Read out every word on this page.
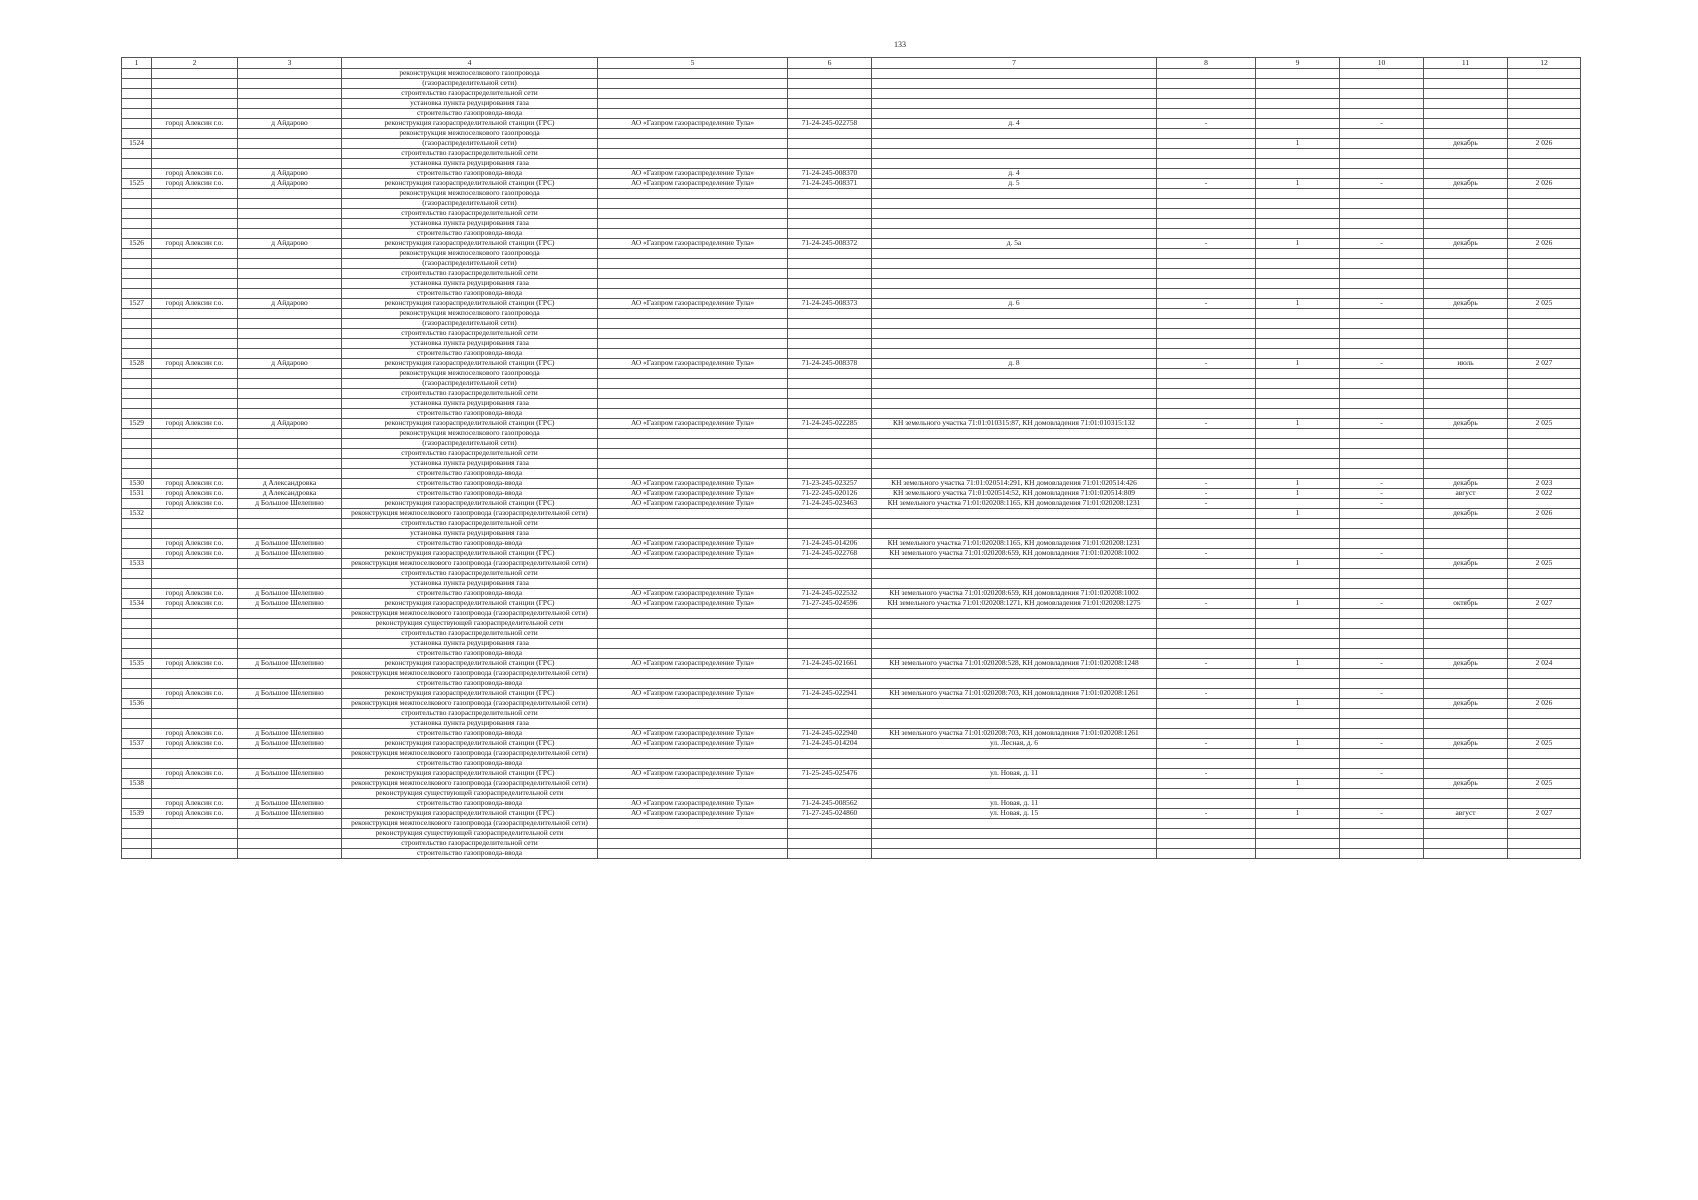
133
1	2	3	4	5	6	7	8	9	10	11	12
			реконструкция межпоселкового газопровода								
			(газораспределительной сети)								
			строительство газораспределительной сети								
			установка пункта редуцирования газа								
			строительство газопровода-ввода								
	город Алексин г.о.	д Айдарово	реконструкция газораспределительной станции (ГРС)	АО «Газпром газораспределение Тула»	71-24-245-022758	д. 4	-		-		
			реконструкция межпоселкового газопровода								
1524			(газораспределительной сети)					1		декабрь	2 026
			строительство газораспределительной сети								
			установка пункта редуцирования газа								
	город Алексин г.о.	д Айдарово	строительство газопровода-ввода	АО «Газпром газораспределение Тула»	71-24-245-008370	д. 4					
1525	город Алексин г.о.	д Айдарово	реконструкция газораспределительной станции (ГРС)	АО «Газпром газораспределение Тула»	71-24-245-008371	д. 5	-	1	-	декабрь	2 026
			реконструкция межпоселкового газопровода								
			(газораспределительной сети)								
			строительство газораспределительной сети								
			установка пункта редуцирования газа								
			строительство газопровода-ввода								
1526	город Алексин г.о.	д Айдарово	реконструкция газораспределительной станции (ГРС)	АО «Газпром газораспределение Тула»	71-24-245-008372	д. 5а	-	1	-	декабрь	2 026
			реконструкция межпоселкового газопровода								
			(газораспределительной сети)								
			строительство газораспределительной сети								
			установка пункта редуцирования газа								
			строительство газопровода-ввода								
1527	город Алексин г.о.	д Айдарово	реконструкция газораспределительной станции (ГРС)	АО «Газпром газораспределение Тула»	71-24-245-008373	д. 6	-	1	-	декабрь	2 025
			реконструкция межпоселкового газопровода								
			(газораспределительной сети)								
			строительство газораспределительной сети								
			установка пункта редуцирования газа								
			строительство газопровода-ввода								
1528	город Алексин г.о.	д Айдарово	реконструкция газораспределительной станции (ГРС)	АО «Газпром газораспределение Тула»	71-24-245-008378	д. 8	-	1	-	июль	2 027
			реконструкция межпоселкового газопровода								
			(газораспределительной сети)								
			строительство газораспределительной сети								
			установка пункта редуцирования газа								
			строительство газопровода-ввода								
1529	город Алексин г.о.	д Айдарово	реконструкция газораспределительной станции (ГРС)	АО «Газпром газораспределение Тула»	71-24-245-022285	КН земельного участка 71:01:010315:87, КН домовладения 71:01:010315:132	-	1	-	декабрь	2 025
			реконструкция межпоселкового газопровода								
			(газораспределительной сети)								
			строительство газораспределительной сети								
			установка пункта редуцирования газа								
			строительство газопровода-ввода								
1530	город Алексин г.о.	д Александровка	строительство газопровода-ввода	АО «Газпром газораспределение Тула»	71-23-245-023257	КН земельного участка 71:01:020514:291, КН домовладения 71:01:020514:426	-	1	-	декабрь	2 023
1531	город Алексин г.о.	д Александровка	строительство газопровода-ввода	АО «Газпром газораспределение Тула»	71-22-245-020126	КН земельного участка 71:01:020514:52, КН домовладения 71:01:020514:809	-	1	-	август	2 022
	город Алексин г.о.	д Большое Шелепино	реконструкция газораспределительной станции (ГРС)	АО «Газпром газораспределение Тула»	71-24-245-023463	КН земельного участка 71:01:020208:1165, КН домовладения 71:01:020208:1231	-		-		
1532			реконструкция межпоселкового газопровода (газораспределительной сети)					1		декабрь	2 026
			строительство газораспределительной сети								
			установка пункта редуцирования газа								
	город Алексин г.о.	д Большое Шелепино	строительство газопровода-ввода	АО «Газпром газораспределение Тула»	71-24-245-014206	КН земельного участка 71:01:020208:1165, КН домовладения 71:01:020208:1231					
	город Алексин г.о.	д Большое Шелепино	реконструкция газораспределительной станции (ГРС)	АО «Газпром газораспределение Тула»	71-24-245-022768	КН земельного участка 71:01:020208:659, КН домовладения 71:01:020208:1002	-		-		
1533			реконструкция межпоселкового газопровода (газораспределительной сети)					1		декабрь	2 025
			строительство газораспределительной сети								
			установка пункта редуцирования газа								
	город Алексин г.о.	д Большое Шелепино	строительство газопровода-ввода	АО «Газпром газораспределение Тула»	71-24-245-022532	КН земельного участка 71:01:020208:659, КН домовладения 71:01:020208:1002					
1534	город Алексин г.о.	д Большое Шелепино	реконструкция газораспределительной станции (ГРС)	АО «Газпром газораспределение Тула»	71-27-245-024596	КН земельного участка 71:01:020208:1271, КН домовладения 71:01:020208:1275	-	1	-	октябрь	2 027
			реконструкция межпоселкового газопровода (газораспределительной сети)								
			реконструкция существующей газораспределительной сети								
			строительство газораспределительной сети								
			установка пункта редуцирования газа								
			строительство газопровода-ввода								
1535	город Алексин г.о.	д Большое Шелепино	реконструкция газораспределительной станции (ГРС)	АО «Газпром газораспределение Тула»	71-24-245-021661	КН земельного участка 71:01:020208:528, КН домовладения 71:01:020208:1248	-	1	-	декабрь	2 024
			реконструкция межпоселкового газопровода (газораспределительной сети)								
			строительство газопровода-ввода								
	город Алексин г.о.	д Большое Шелепино	реконструкция газораспределительной станции (ГРС)	АО «Газпром газораспределение Тула»	71-24-245-022941	КН земельного участка 71:01:020208:703, КН домовладения 71:01:020208:1261	-		-		
1536			реконструкция межпоселкового газопровода (газораспределительной сети)					1		декабрь	2 026
			строительство газораспределительной сети								
			установка пункта редуцирования газа								
	город Алексин г.о.	д Большое Шелепино	строительство газопровода-ввода	АО «Газпром газораспределение Тула»	71-24-245-022940	КН земельного участка 71:01:020208:703, КН домовладения 71:01:020208:1261					
1537	город Алексин г.о.	д Большое Шелепино	реконструкция газораспределительной станции (ГРС)	АО «Газпром газораспределение Тула»	71-24-245-014204	ул. Лесная, д. 6	-	1	-	декабрь	2 025
			реконструкция межпоселкового газопровода (газораспределительной сети)								
			строительство газопровода-ввода								
	город Алексин г.о.	д Большое Шелепино	реконструкция газораспределительной станции (ГРС)	АО «Газпром газораспределение Тула»	71-25-245-025476	ул. Новая, д. 11	-		-		
1538			реконструкция межпоселкового газопровода (газораспределительной сети)					1		декабрь	2 025
			реконструкция существующей газораспределительной сети								
	город Алексин г.о.	д Большое Шелепино	строительство газопровода-ввода	АО «Газпром газораспределение Тула»	71-24-245-008562	ул. Новая, д. 11					
1539	город Алексин г.о.	д Большое Шелепино	реконструкция газораспределительной станции (ГРС)	АО «Газпром газораспределение Тула»	71-27-245-024860	ул. Новая, д. 15	-	1	-	август	2 027
			реконструкция межпоселкового газопровода (газораспределительной сети)								
			реконструкция существующей газораспределительной сети								
			строительство газораспределительной сети								
			строительство газопровода-ввода								
